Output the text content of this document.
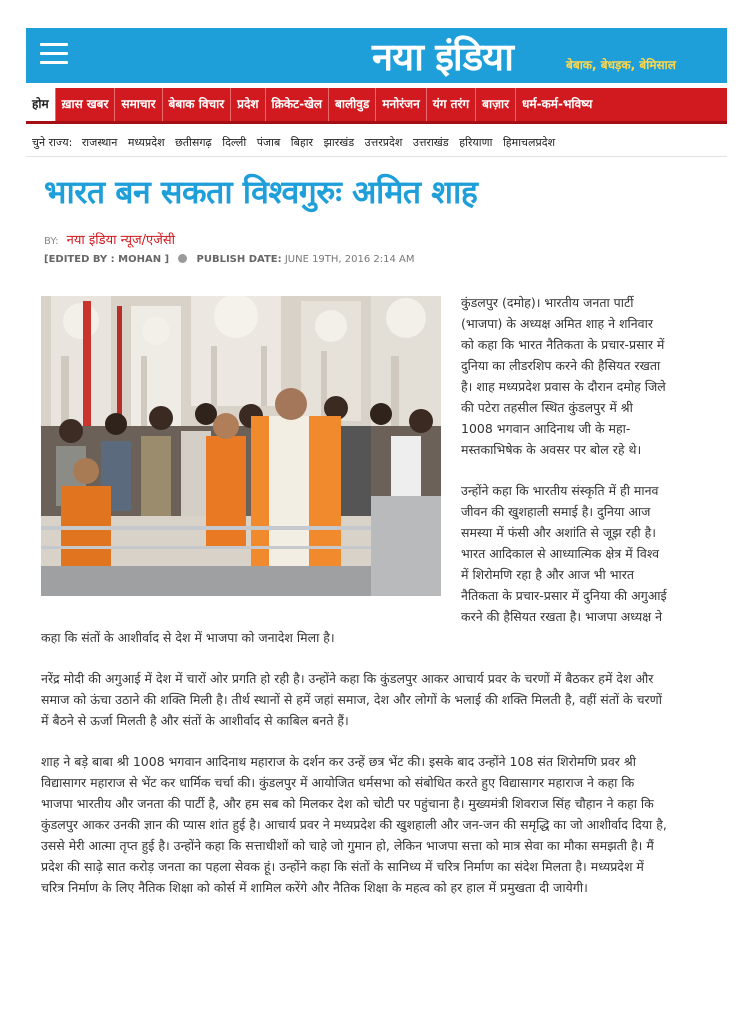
नया इंडिया	बेबाक, बेधड़क, बेमिसाल
होम	ख़ास खबर	समाचार	बेबाक विचार	प्रदेश	क्रिकेट-खेल	बालीवुड	मनोरंजन	यंग तरंग	बाज़ार	धर्म-कर्म-भविष्य
चुने राज्य: राजस्थान मध्यप्रदेश छतीसगढ़ दिल्ली पंजाब बिहार झारखंड उत्तरप्रदेश उत्तराखंड हरियाणा हिमाचलप्रदेश
भारत बन सकता विश्वगुरुः अमित शाह
BY: नया इंडिया न्यूज/एजेंसी
[EDITED BY : MOHAN ]	PUBLISH DATE: JUNE 19TH, 2016 2:14 AM

कुंडलपुर (दमोह)। भारतीय जनता पार्टी (भाजपा) के अध्यक्ष अमित शाह ने शनिवार को कहा कि भारत नैतिकता के प्रचार-प्रसार में दुनिया का लीडरशिप करने की हैसियत रखता है। शाह मध्यप्रदेश प्रवास के दौरान दमोह जिले की पटेरा तहसील स्थित कुंडलपुर में श्री 1008 भगवान आदिनाथ जी के महा-मस्तकाभिषेक के अवसर पर बोल रहे थे।

उन्होंने कहा कि भारतीय संस्कृति में ही मानव जीवन की खुशहाली समाई है। दुनिया आज समस्या में फंसी और अशांति से जूझ रही है। भारत आदिकाल से आध्यात्मिक क्षेत्र में विश्व में शिरोमणि रहा है और आज भी भारत नैतिकता के प्रचार-प्रसार में दुनिया की अगुआई करने की हैसियत रखता है। भाजपा अध्यक्ष ने कहा कि संतों के आशीर्वाद से देश में भाजपा को जनादेश मिला है।

नरेंद्र मोदी की अगुआई में देश में चारों ओर प्रगति हो रही है। उन्होंने कहा कि कुंडलपुर आकर आचार्य प्रवर के चरणों में बैठकर हमें देश और समाज को ऊंचा उठाने की शक्ति मिली है। तीर्थ स्थानों से हमें जहां समाज, देश और लोगों के भलाई की शक्ति मिलती है, वहीं संतों के चरणों में बैठने से ऊर्जा मिलती है और संतों के आशीर्वाद से काबिल बनते हैं।

शाह ने बड़े बाबा श्री 1008 भगवान आदिनाथ महाराज के दर्शन कर उन्हें छत्र भेंट की। इसके बाद उन्होंने 108 संत शिरोमणि प्रवर श्री विद्यासागर महाराज से भेंट कर धार्मिक चर्चा की। कुंडलपुर में आयोजित धर्मसभा को संबोधित करते हुए विद्यासागर महाराज ने कहा कि भाजपा भारतीय और जनता की पार्टी है, और हम सब को मिलकर देश को चोटी पर पहुंचाना है। मुख्यमंत्री शिवराज सिंह चौहान ने कहा कि कुंडलपुर आकर उनकी ज्ञान की प्यास शांत हुई है। आचार्य प्रवर ने मध्यप्रदेश की खुशहाली और जन-जन की समृद्धि का जो आशीर्वाद दिया है, उससे मेरी आत्मा तृप्त हुई है। उन्होंने कहा कि सत्ताधीशों को चाहे जो गुमान हो, लेकिन भाजपा सत्ता को मात्र सेवा का मौका समझती है। मैं प्रदेश की साढ़े सात करोड़ जनता का पहला सेवक हूं। उन्होंने कहा कि संतों के सानिध्य में चरित्र निर्माण का संदेश मिलता है। मध्यप्रदेश में चरित्र निर्माण के लिए नैतिक शिक्षा को कोर्स में शामिल करेंगे और नैतिक शिक्षा के महत्व को हर हाल में प्रमुखता दी जायेगी।
